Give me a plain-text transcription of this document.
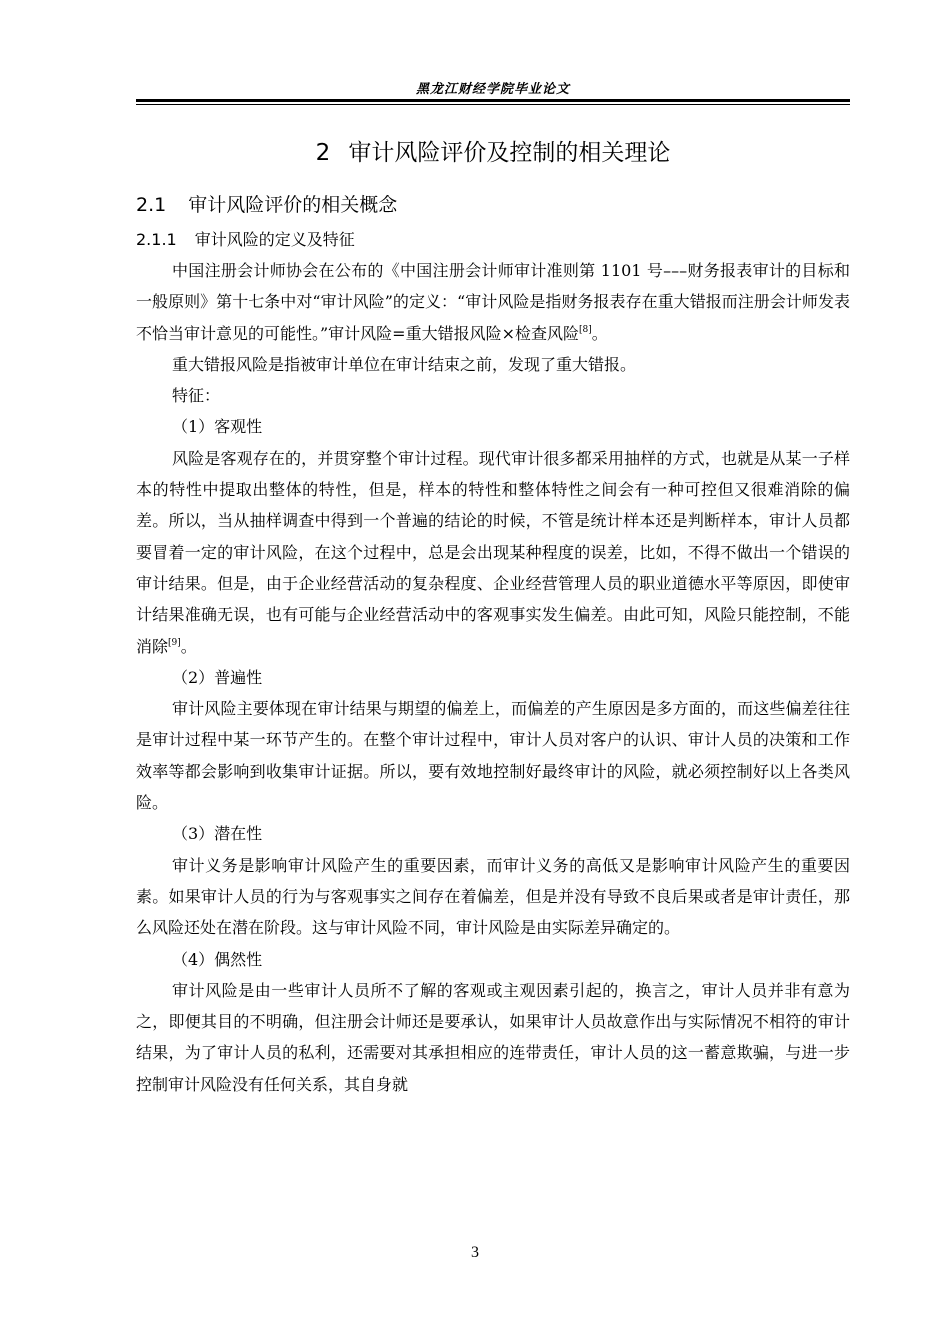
黑龙江财经学院毕业论文
2 审计风险评价及控制的相关理论
2.1 审计风险评价的相关概念
2.1.1 审计风险的定义及特征

中国注册会计师协会在公布的《中国注册会计师审计准则第 1101 号–––财务报表审计的目标和一般原则》第十七条中对“审计风险”的定义：“审计风险是指财务报表存在重大错报而注册会计师发表不恰当审计意见的可能性。”审计风险=重大错报风险×检查风险[8]。

重大错报风险是指被审计单位在审计结束之前，发现了重大错报。

特征：

（1）客观性

风险是客观存在的，并贯穿整个审计过程。现代审计很多都采用抽样的方式，也就是从某一子样本的特性中提取出整体的特性，但是，样本的特性和整体特性之间会有一种可控但又很难消除的偏差。所以，当从抽样调查中得到一个普遍的结论的时候，不管是统计样本还是判断样本，审计人员都要冒着一定的审计风险，在这个过程中，总是会出现某种程度的误差，比如，不得不做出一个错误的审计结果。但是，由于企业经营活动的复杂程度、企业经营管理人员的职业道德水平等原因，即使审计结果准确无误，也有可能与企业经营活动中的客观事实发生偏差。由此可知，风险只能控制，不能消除[9]。

（2）普遍性

审计风险主要体现在审计结果与期望的偏差上，而偏差的产生原因是多方面的，而这些偏差往往是审计过程中某一环节产生的。在整个审计过程中，审计人员对客户的认识、审计人员的决策和工作效率等都会影响到收集审计证据。所以，要有效地控制好最终审计的风险，就必须控制好以上各类风险。

（3）潜在性

审计义务是影响审计风险产生的重要因素，而审计义务的高低又是影响审计风险产生的重要因素。如果审计人员的行为与客观事实之间存在着偏差，但是并没有导致不良后果或者是审计责任，那么风险还处在潜在阶段。这与审计风险不同，审计风险是由实际差异确定的。

（4）偶然性

审计风险是由一些审计人员所不了解的客观或主观因素引起的，换言之，审计人员并非有意为之，即便其目的不明确，但注册会计师还是要承认，如果审计人员故意作出与实际情况不相符的审计结果，为了审计人员的私利，还需要对其承担相应的连带责任，审计人员的这一蓄意欺骗，与进一步控制审计风险没有任何关系，其自身就

3
